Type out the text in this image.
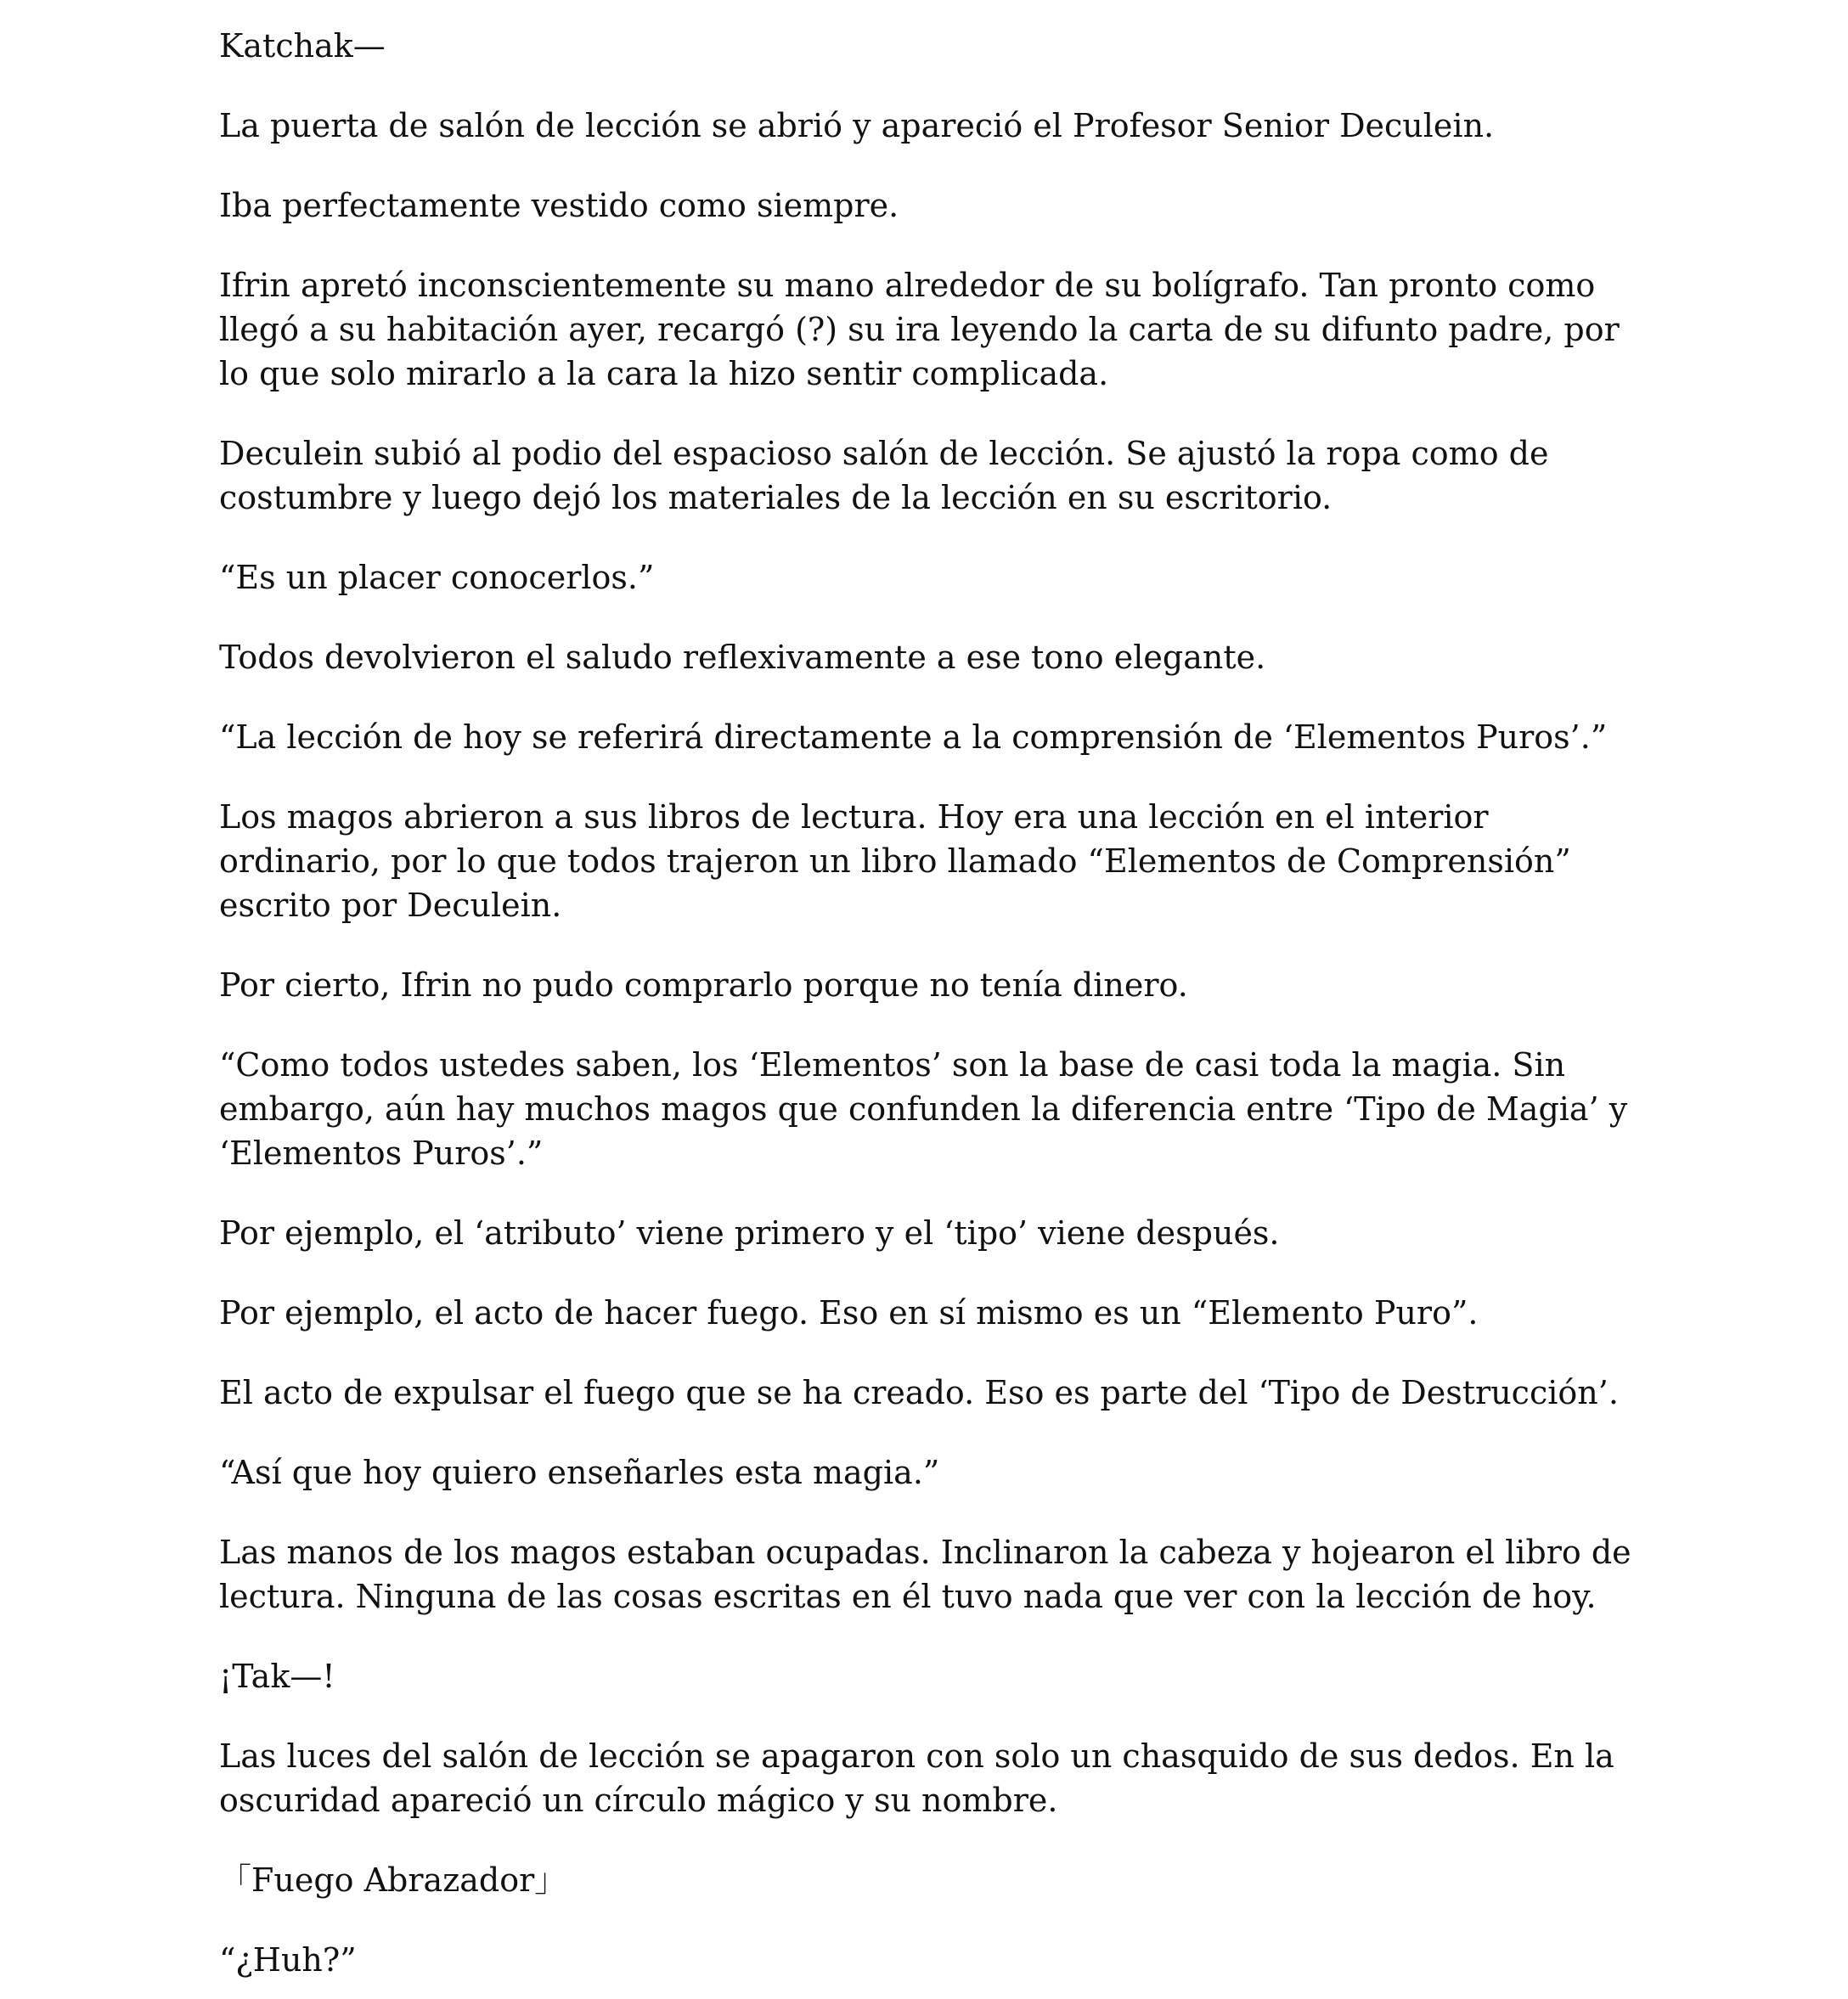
Katchak—

La puerta de salón de lección se abrió y apareció el Profesor Senior Deculein.

Iba perfectamente vestido como siempre.

Ifrin apretó inconscientemente su mano alrededor de su bolígrafo. Tan pronto como llegó a su habitación ayer, recargó (?) su ira leyendo la carta de su difunto padre, por lo que solo mirarlo a la cara la hizo sentir complicada.

Deculein subió al podio del espacioso salón de lección. Se ajustó la ropa como de costumbre y luego dejó los materiales de la lección en su escritorio.

“Es un placer conocerlos.”

Todos devolvieron el saludo reflexivamente a ese tono elegante.

“La lección de hoy se referirá directamente a la comprensión de ‘Elementos Puros’.”

Los magos abrieron a sus libros de lectura. Hoy era una lección en el interior ordinario, por lo que todos trajeron un libro llamado “Elementos de Comprensión” escrito por Deculein.

Por cierto, Ifrin no pudo comprarlo porque no tenía dinero.

“Como todos ustedes saben, los ‘Elementos’ son la base de casi toda la magia. Sin embargo, aún hay muchos magos que confunden la diferencia entre ‘Tipo de Magia’ y ‘Elementos Puros’.”

Por ejemplo, el ‘atributo’ viene primero y el ‘tipo’ viene después.

Por ejemplo, el acto de hacer fuego. Eso en sí mismo es un “Elemento Puro”.

El acto de expulsar el fuego que se ha creado. Eso es parte del ‘Tipo de Destrucción’.

“Así que hoy quiero enseñarles esta magia.”

Las manos de los magos estaban ocupadas. Inclinaron la cabeza y hojearon el libro de lectura. Ninguna de las cosas escritas en él tuvo nada que ver con la lección de hoy.

¡Tak—!

Las luces del salón de lección se apagaron con solo un chasquido de sus dedos. En la oscuridad apareció un círculo mágico y su nombre.

「Fuego Abrazador」

“¿Huh?”
